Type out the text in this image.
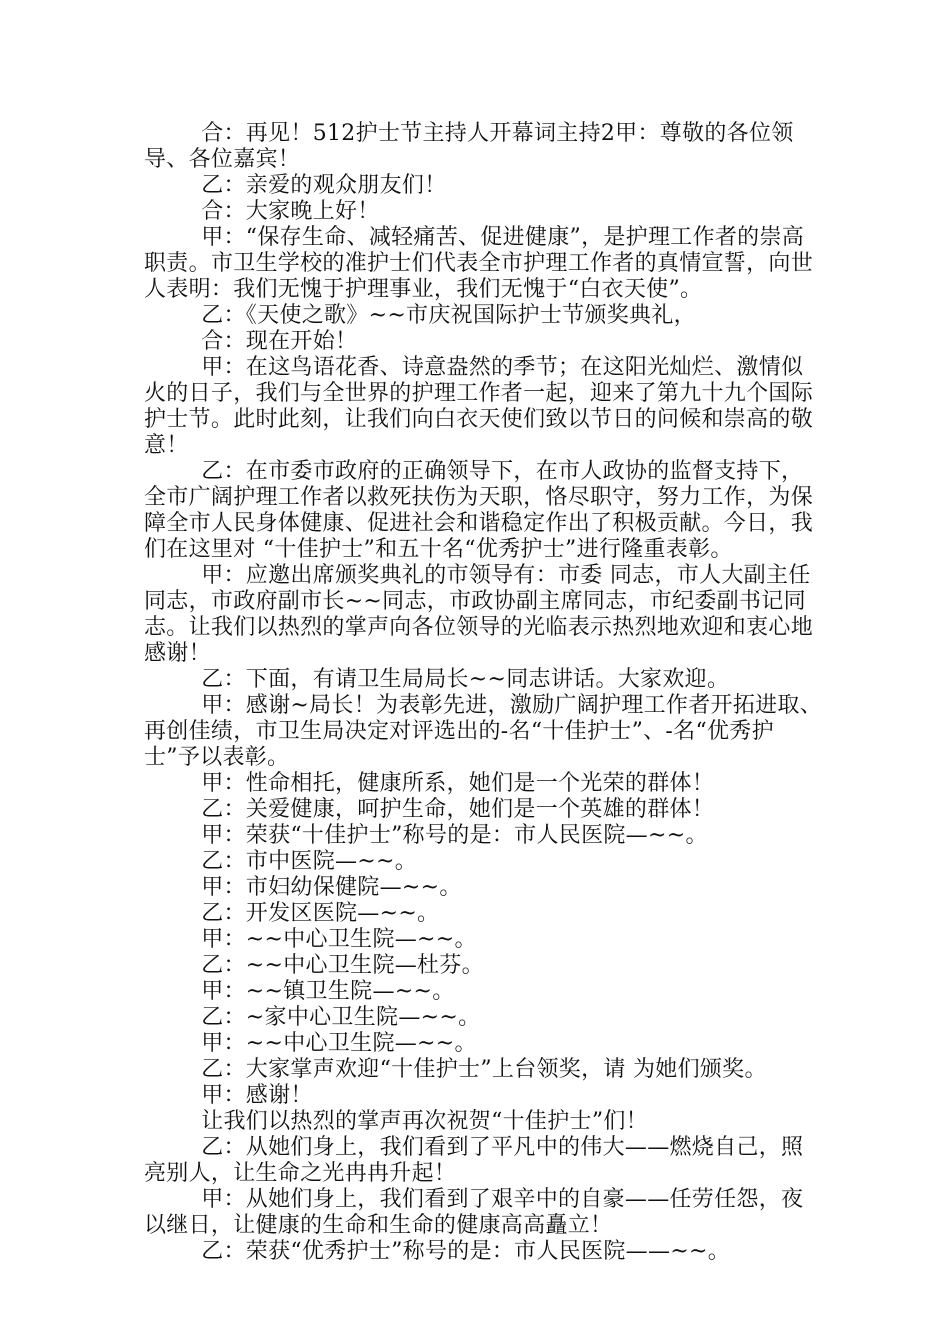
合：再见！512护士节主持人开幕词主持2甲：尊敬的各位领导、各位嘉宾！

乙：亲爱的观众朋友们！

合：大家晚上好！

甲：“保存生命、减轻痛苦、促进健康”，是护理工作者的崇高职责。市卫生学校的准护士们代表全市护理工作者的真情宣誓，向世人表明：我们无愧于护理事业，我们无愧于“白衣天使”。

乙：《天使之歌》~~市庆祝国际护士节颁奖典礼，

合：现在开始！

甲：在这鸟语花香、诗意盎然的季节；在这阳光灿烂、激情似火的日子，我们与全世界的护理工作者一起，迎来了第九十九个国际护士节。此时此刻，让我们向白衣天使们致以节日的问候和崇高的敬意！

乙：在市委市政府的正确领导下，在市人政协的监督支持下，全市广阔护理工作者以救死扶伤为天职，恪尽职守，努力工作，为保障全市人民身体健康、促进社会和谐稳定作出了积极贡献。今日，我们在这里对 “十佳护士”和五十名“优秀护士”进行隆重表彰。

甲：应邀出席颁奖典礼的市领导有：市委 同志，市人大副主任同志，市政府副市长~~同志，市政协副主席同志，市纪委副书记同志。让我们以热烈的掌声向各位领导的光临表示热烈地欢迎和衷心地感谢！

乙：下面，有请卫生局局长~~同志讲话。大家欢迎。

甲：感谢~局长！为表彰先进，激励广阔护理工作者开拓进取、再创佳绩，市卫生局决定对评选出的-名“十佳护士”、-名“优秀护士”予以表彰。

甲：性命相托，健康所系，她们是一个光荣的群体！

乙：关爱健康，呵护生命，她们是一个英雄的群体！

甲：荣获“十佳护士”称号的是：市人民医院—~~。

乙：市中医院—~~。

甲：市妇幼保健院—~~。

乙：开发区医院—~~。

甲：~~中心卫生院—~~。

乙：~~中心卫生院—杜芬。

甲：~~镇卫生院—~~。

乙：~家中心卫生院—~~。

甲：~~中心卫生院—~~。

乙：大家掌声欢迎“十佳护士”上台领奖，请 为她们颁奖。

甲：感谢！

让我们以热烈的掌声再次祝贺“十佳护士”们！

乙：从她们身上，我们看到了平凡中的伟大——燃烧自己，照亮别人，让生命之光冉冉升起！

甲：从她们身上，我们看到了艰辛中的自豪——任劳任怨，夜以继日，让健康的生命和生命的健康高高矗立！

乙：荣获“优秀护士”称号的是：市人民医院——~~。
